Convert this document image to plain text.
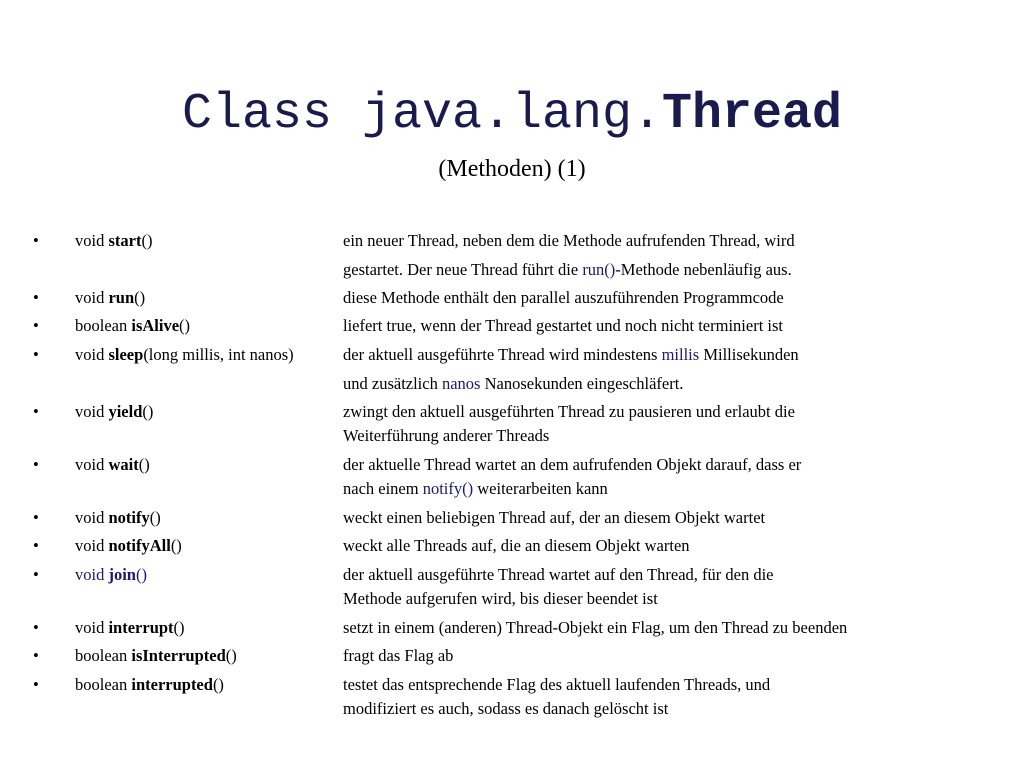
Class java.lang.Thread
(Methoden) (1)
• void start()	ein neuer Thread, neben dem die Methode aufrufenden Thread, wird
gestartet. Der neue Thread führt die run()-Methode nebenläufig aus.
• void run()	diese Methode enthält den parallel auszuführenden Programmcode
• boolean isAlive()	liefert true, wenn der Thread gestartet und noch nicht terminiert ist
• void sleep(long millis, int nanos)	der aktuell ausgeführte Thread wird mindestens millis Millisekunden
und zusätzlich nanos Nanosekunden eingeschläfert.
• void yield()	zwingt den aktuell ausgeführten Thread zu pausieren und erlaubt die
Weiterführung anderer Threads
• void wait()	der aktuelle Thread wartet an dem aufrufenden Objekt darauf, dass er
nach einem notify() weiterarbeiten kann
• void notify()	weckt einen beliebigen Thread auf, der an diesem Objekt wartet
• void notifyAll()	weckt alle Threads auf, die an diesem Objekt warten
• void join()	der aktuell ausgeführte Thread wartet auf den Thread, für den die
Methode aufgerufen wird, bis dieser beendet ist
• void interrupt()	setzt in einem (anderen) Thread-Objekt ein Flag, um den Thread zu beenden
• boolean isInterrupted()	fragt das Flag ab
• boolean interrupted()	testet das entsprechende Flag des aktuell laufenden Threads, und
modifiziert es auch, sodass es danach gelöscht ist
